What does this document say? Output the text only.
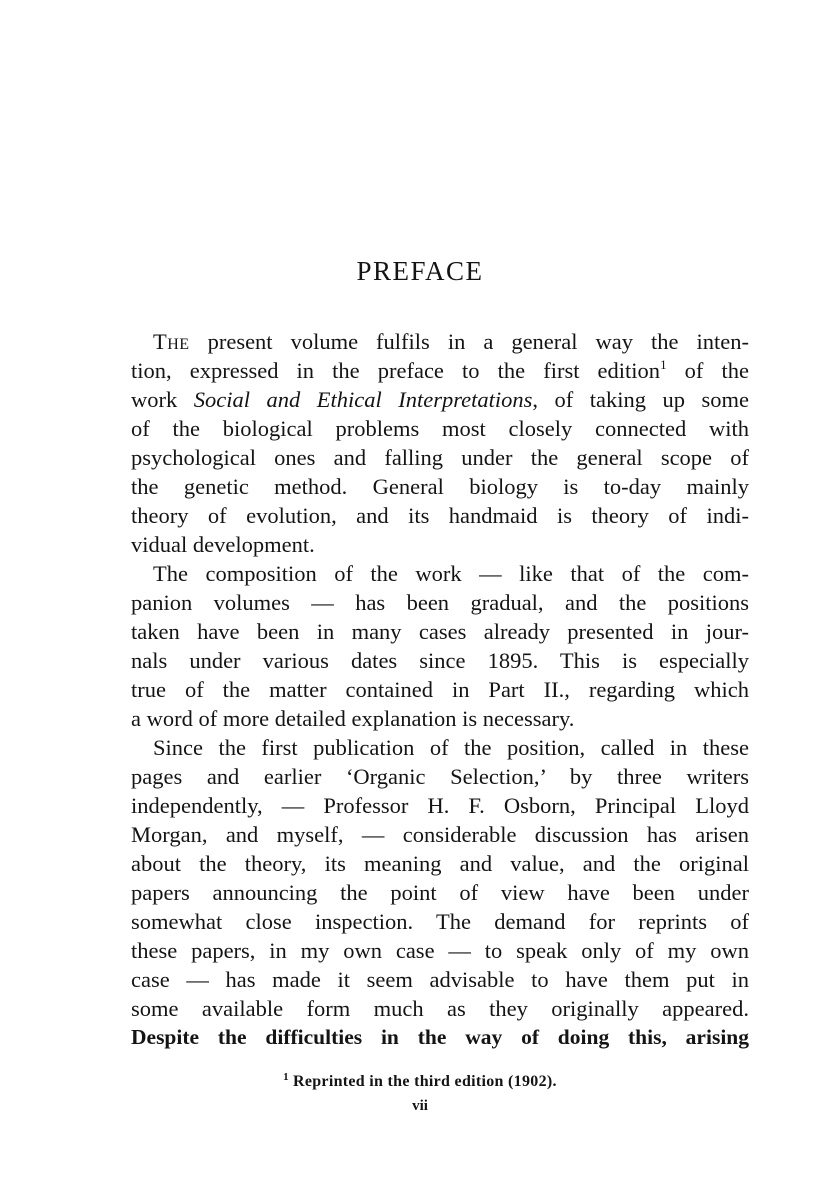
PREFACE
The present volume fulfils in a general way the inten-
tion, expressed in the preface to the first edition$^1$ of the
work Social and Ethical Interpretations, of taking up some
of the biological problems most closely connected with
psychological ones and falling under the general scope of
the genetic method. General biology is to-day mainly
theory of evolution, and its handmaid is theory of indi-
vidual development.
The composition of the work — like that of the com-
panion volumes — has been gradual, and the positions
taken have been in many cases already presented in jour-
nals under various dates since 1895. This is especially
true of the matter contained in Part II., regarding which
a word of more detailed explanation is necessary.
Since the first publication of the position, called in these
pages and earlier ‘Organic Selection,’ by three writers
independently, — Professor H. F. Osborn, Principal Lloyd
Morgan, and myself, — considerable discussion has arisen
about the theory, its meaning and value, and the original
papers announcing the point of view have been under
somewhat close inspection. The demand for reprints of
these papers, in my own case — to speak only of my own
case — has made it seem advisable to have them put in
some available form much as they originally appeared.
Despite the difficulties in the way of doing this, arising
$^1$ Reprinted in the third edition (1902).
vii
